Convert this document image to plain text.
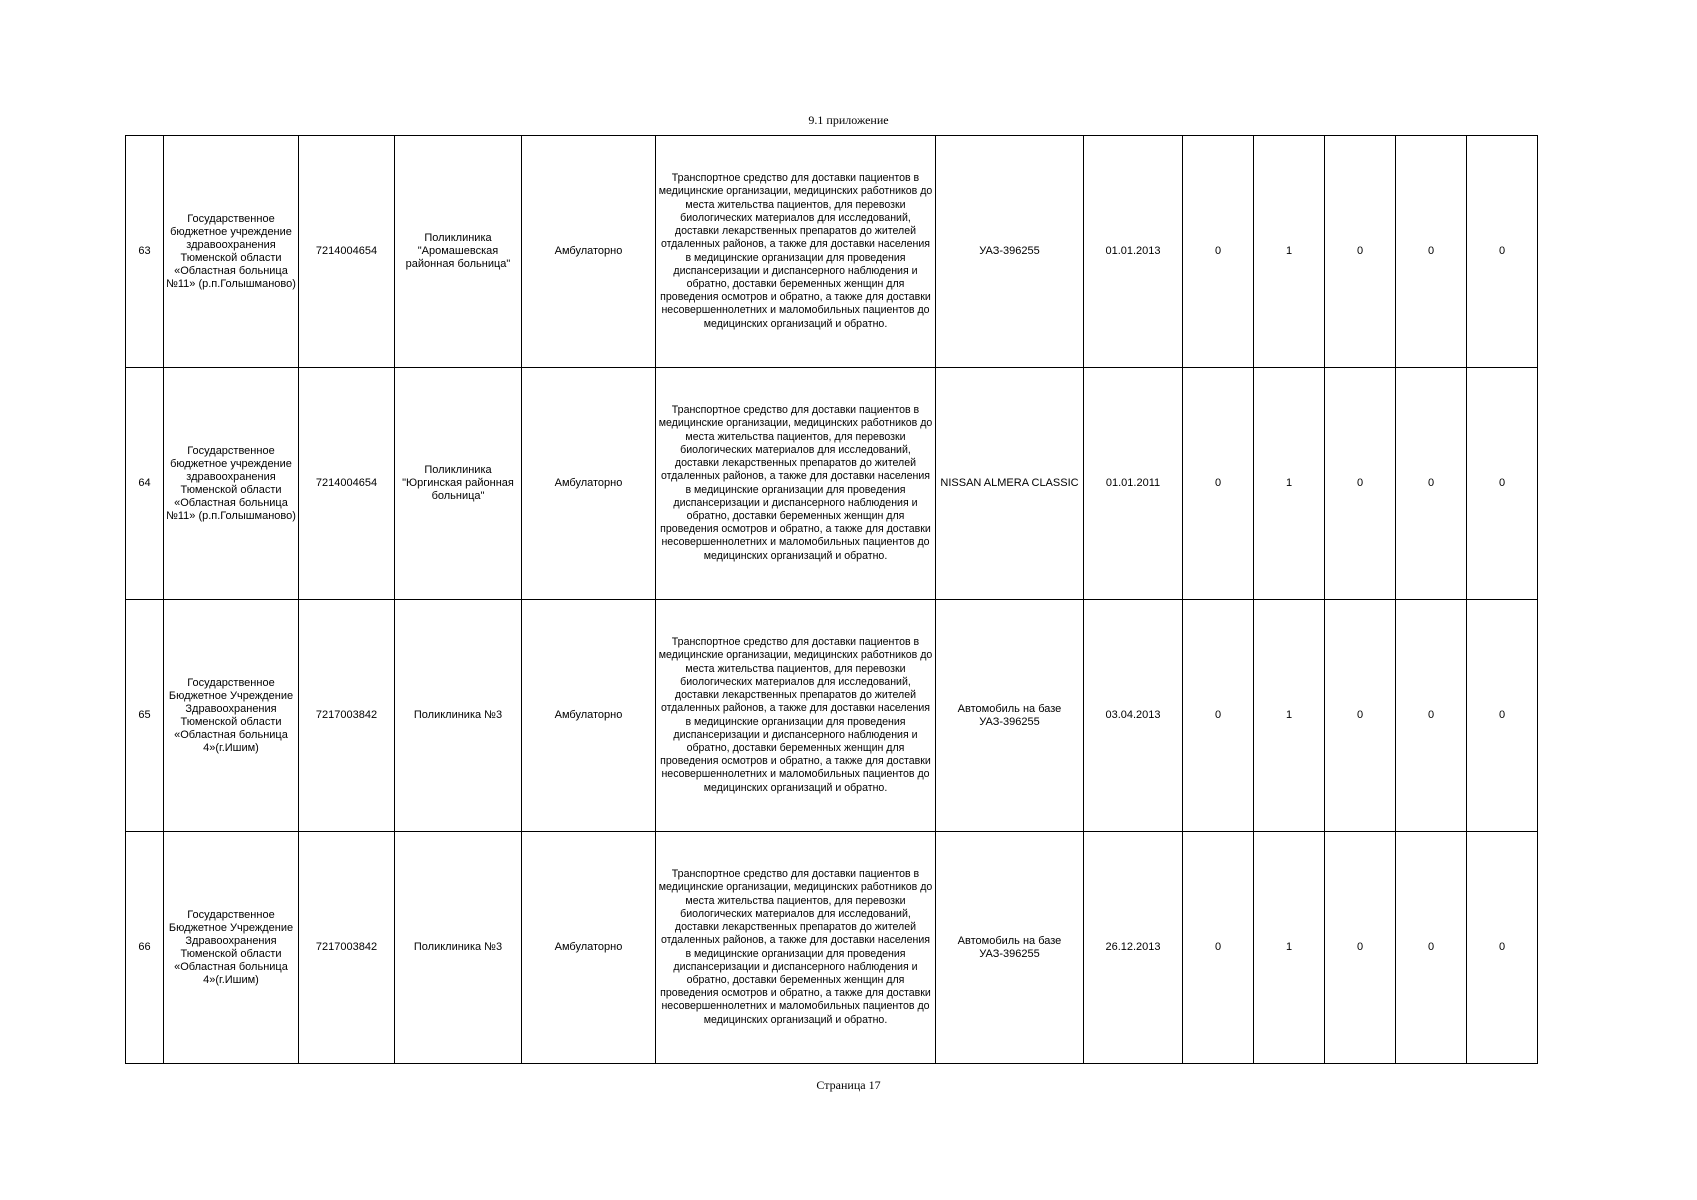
9.1 приложение
63	Государственное бюджетное учреждение здравоохранения Тюменской области «Областная больница №11» (р.п.Голышманово)	7214004654	Поликлиника "Аромашевская районная больница"	Амбулаторно	Транспортное средство для доставки пациентов в медицинские организации, медицинских работников до места жительства пациентов, для перевозки биологических материалов для исследований, доставки лекарственных препаратов до жителей отдаленных районов, а также для доставки населения в медицинские организации для проведения диспансеризации и диспансерного наблюдения и обратно, доставки беременных женщин для проведения осмотров и обратно, а также для доставки несовершеннолетних и маломобильных пациентов до медицинских организаций и обратно.	УАЗ-396255	01.01.2013	0	1	0	0	0
64	Государственное бюджетное учреждение здравоохранения Тюменской области «Областная больница №11» (р.п.Голышманово)	7214004654	Поликлиника "Юргинская районная больница"	Амбулаторно	Транспортное средство для доставки пациентов в медицинские организации, медицинских работников до места жительства пациентов, для перевозки биологических материалов для исследований, доставки лекарственных препаратов до жителей отдаленных районов, а также для доставки населения в медицинские организации для проведения диспансеризации и диспансерного наблюдения и обратно, доставки беременных женщин для проведения осмотров и обратно, а также для доставки несовершеннолетних и маломобильных пациентов до медицинских организаций и обратно.	NISSAN ALMERA CLASSIC	01.01.2011	0	1	0	0	0
65	Государственное Бюджетное Учреждение Здравоохранения Тюменской области «Областная больница 4»(г.Ишим)	7217003842	Поликлиника №3	Амбулаторно	Транспортное средство для доставки пациентов в медицинские организации, медицинских работников до места жительства пациентов, для перевозки биологических материалов для исследований, доставки лекарственных препаратов до жителей отдаленных районов, а также для доставки населения в медицинские организации для проведения диспансеризации и диспансерного наблюдения и обратно, доставки беременных женщин для проведения осмотров и обратно, а также для доставки несовершеннолетних и маломобильных пациентов до медицинских организаций и обратно.	Автомобиль на базе УАЗ-396255	03.04.2013	0	1	0	0	0
66	Государственное Бюджетное Учреждение Здравоохранения Тюменской области «Областная больница 4»(г.Ишим)	7217003842	Поликлиника №3	Амбулаторно	Транспортное средство для доставки пациентов в медицинские организации, медицинских работников до места жительства пациентов, для перевозки биологических материалов для исследований, доставки лекарственных препаратов до жителей отдаленных районов, а также для доставки населения в медицинские организации для проведения диспансеризации и диспансерного наблюдения и обратно, доставки беременных женщин для проведения осмотров и обратно, а также для доставки несовершеннолетних и маломобильных пациентов до медицинских организаций и обратно.	Автомобиль на базе УАЗ-396255	26.12.2013	0	1	0	0	0
Страница 17
